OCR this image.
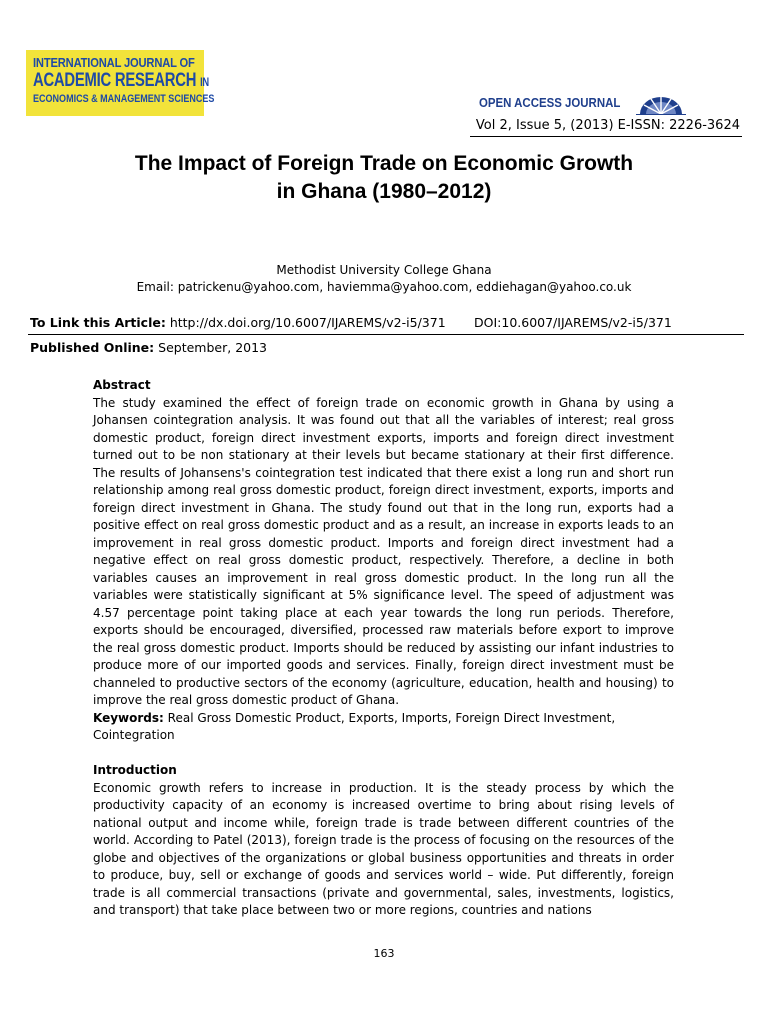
INTERNATIONAL JOURNAL OF
ACADEMIC RESEARCH IN
ECONOMICS & MANAGEMENT SCIENCES	OPEN ACCESS JOURNAL
Vol 2, Issue 5, (2013) E-ISSN: 2226-3624
The Impact of Foreign Trade on Economic Growth
in Ghana (1980–2012)
Methodist University College Ghana
Email: patrickenu@yahoo.com, haviemma@yahoo.com, eddiehagan@yahoo.co.uk
To Link this Article: http://dx.doi.org/10.6007/IJAREMS/v2-i5/371 DOI:10.6007/IJAREMS/v2-i5/371
Published Online: September, 2013
Abstract

The study examined the effect of foreign trade on economic growth in Ghana by using a Johansen cointegration analysis. It was found out that all the variables of interest; real gross domestic product, foreign direct investment exports, imports and foreign direct investment turned out to be non stationary at their levels but became stationary at their first difference. The results of Johansens's cointegration test indicated that there exist a long run and short run relationship among real gross domestic product, foreign direct investment, exports, imports and foreign direct investment in Ghana. The study found out that in the long run, exports had a positive effect on real gross domestic product and as a result, an increase in exports leads to an improvement in real gross domestic product. Imports and foreign direct investment had a negative effect on real gross domestic product, respectively. Therefore, a decline in both variables causes an improvement in real gross domestic product. In the long run all the variables were statistically significant at 5% significance level. The speed of adjustment was 4.57 percentage point taking place at each year towards the long run periods. Therefore, exports should be encouraged, diversified, processed raw materials before export to improve the real gross domestic product. Imports should be reduced by assisting our infant industries to produce more of our imported goods and services. Finally, foreign direct investment must be channeled to productive sectors of the economy (agriculture, education, health and housing) to improve the real gross domestic product of Ghana.

Keywords: Real Gross Domestic Product, Exports, Imports, Foreign Direct Investment, Cointegration

Introduction

Economic growth refers to increase in production. It is the steady process by which the productivity capacity of an economy is increased overtime to bring about rising levels of national output and income while, foreign trade is trade between different countries of the world. According to Patel (2013), foreign trade is the process of focusing on the resources of the globe and objectives of the organizations or global business opportunities and threats in order to produce, buy, sell or exchange of goods and services world – wide. Put differently, foreign trade is all commercial transactions (private and governmental, sales, investments, logistics, and transport) that take place between two or more regions, countries and nations

163
